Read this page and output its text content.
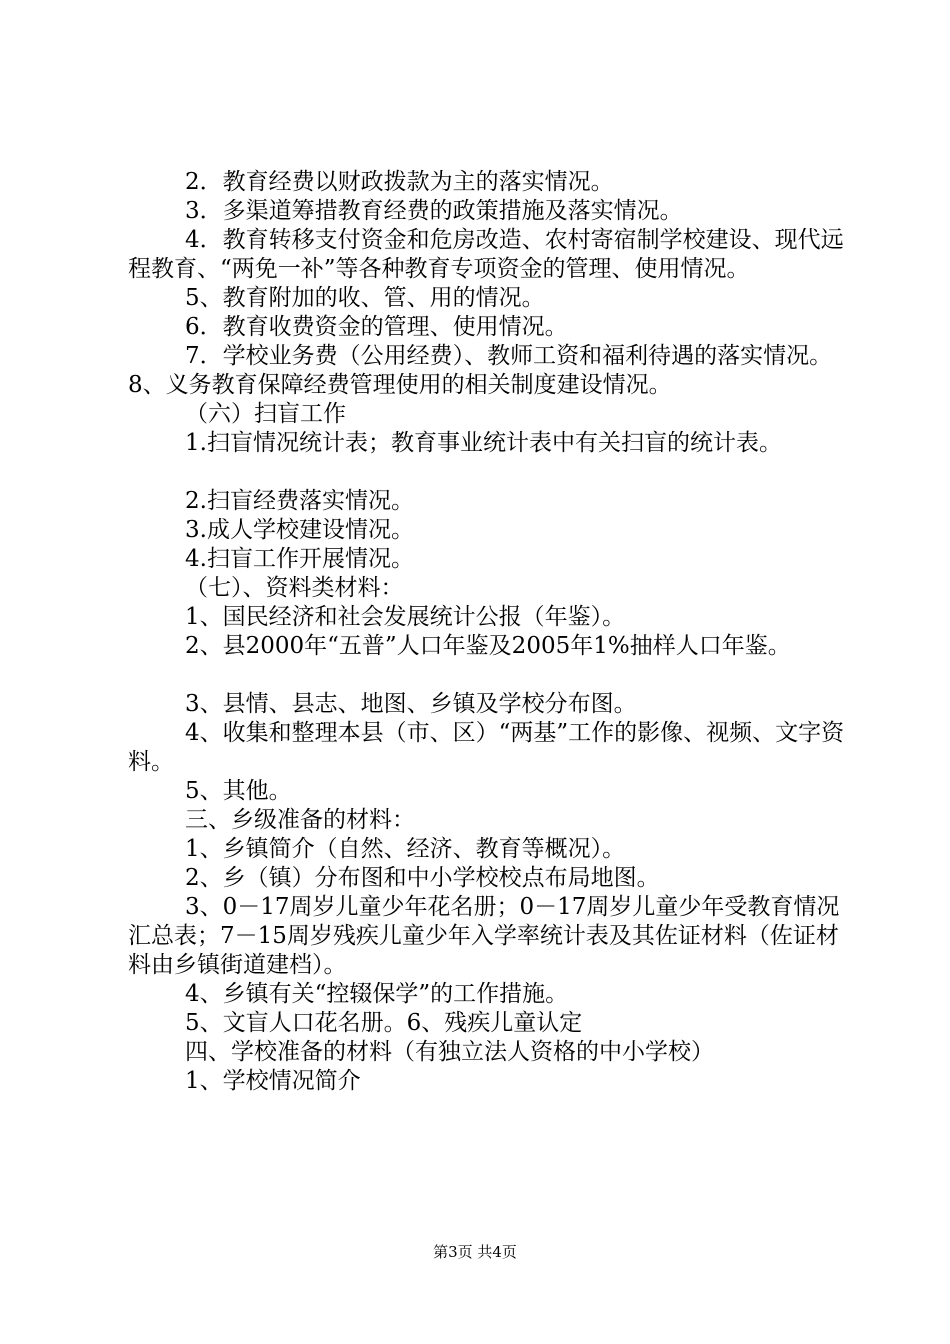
2．教育经费以财政拨款为主的落实情况。

3．多渠道筹措教育经费的政策措施及落实情况。

4．教育转移支付资金和危房改造、农村寄宿制学校建设、现代远程教育、“两免一补”等各种教育专项资金的管理、使用情况。

5、教育附加的收、管、用的情况。

6．教育收费资金的管理、使用情况。

7．学校业务费（公用经费）、教师工资和福利待遇的落实情况。8、义务教育保障经费管理使用的相关制度建设情况。

（六）扫盲工作

1.扫盲情况统计表；教育事业统计表中有关扫盲的统计表。

2.扫盲经费落实情况。

3.成人学校建设情况。

4.扫盲工作开展情况。

（七）、资料类材料：

1、国民经济和社会发展统计公报（年鉴）。

2、县2000年“五普”人口年鉴及2005年1%抽样人口年鉴。

3、县情、县志、地图、乡镇及学校分布图。

4、收集和整理本县（市、区）“两基”工作的影像、视频、文字资料。

5、其他。

三、乡级准备的材料：

1、乡镇简介（自然、经济、教育等概况）。

2、乡（镇）分布图和中小学校校点布局地图。

3、0－17周岁儿童少年花名册；0－17周岁儿童少年受教育情况汇总表；7－15周岁残疾儿童少年入学率统计表及其佐证材料（佐证材料由乡镇街道建档）。

4、乡镇有关“控辍保学”的工作措施。

5、文盲人口花名册。6、残疾儿童认定

四、学校准备的材料（有独立法人资格的中小学校）

1、学校情况简介

第3页 共4页
